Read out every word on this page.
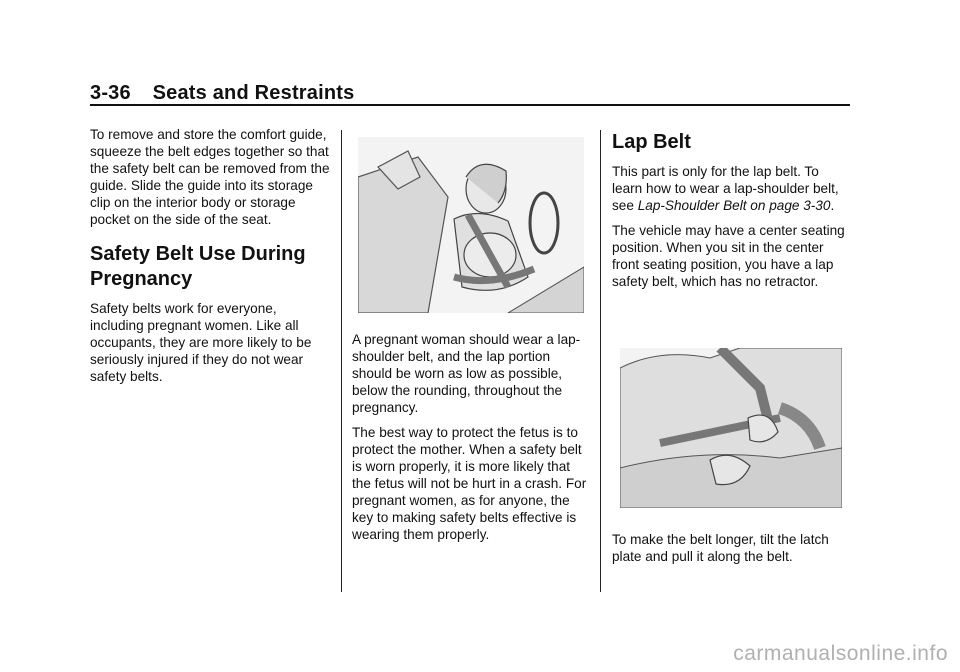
3-36 Seats and Restraints

To remove and store the comfort guide, squeeze the belt edges together so that the safety belt can be removed from the guide. Slide the guide into its storage clip on the interior body or storage pocket on the side of the seat.

Safety Belt Use During Pregnancy

Safety belts work for everyone, including pregnant women. Like all occupants, they are more likely to be seriously injured if they do not wear safety belts.

A pregnant woman should wear a lap-shoulder belt, and the lap portion should be worn as low as possible, below the rounding, throughout the pregnancy.

The best way to protect the fetus is to protect the mother. When a safety belt is worn properly, it is more likely that the fetus will not be hurt in a crash. For pregnant women, as for anyone, the key to making safety belts effective is wearing them properly.

Lap Belt

This part is only for the lap belt. To learn how to wear a lap-shoulder belt, see Lap-Shoulder Belt on page 3-30.

The vehicle may have a center seating position. When you sit in the center front seating position, you have a lap safety belt, which has no retractor.

To make the belt longer, tilt the latch plate and pull it along the belt.

carmanualsonline.info
